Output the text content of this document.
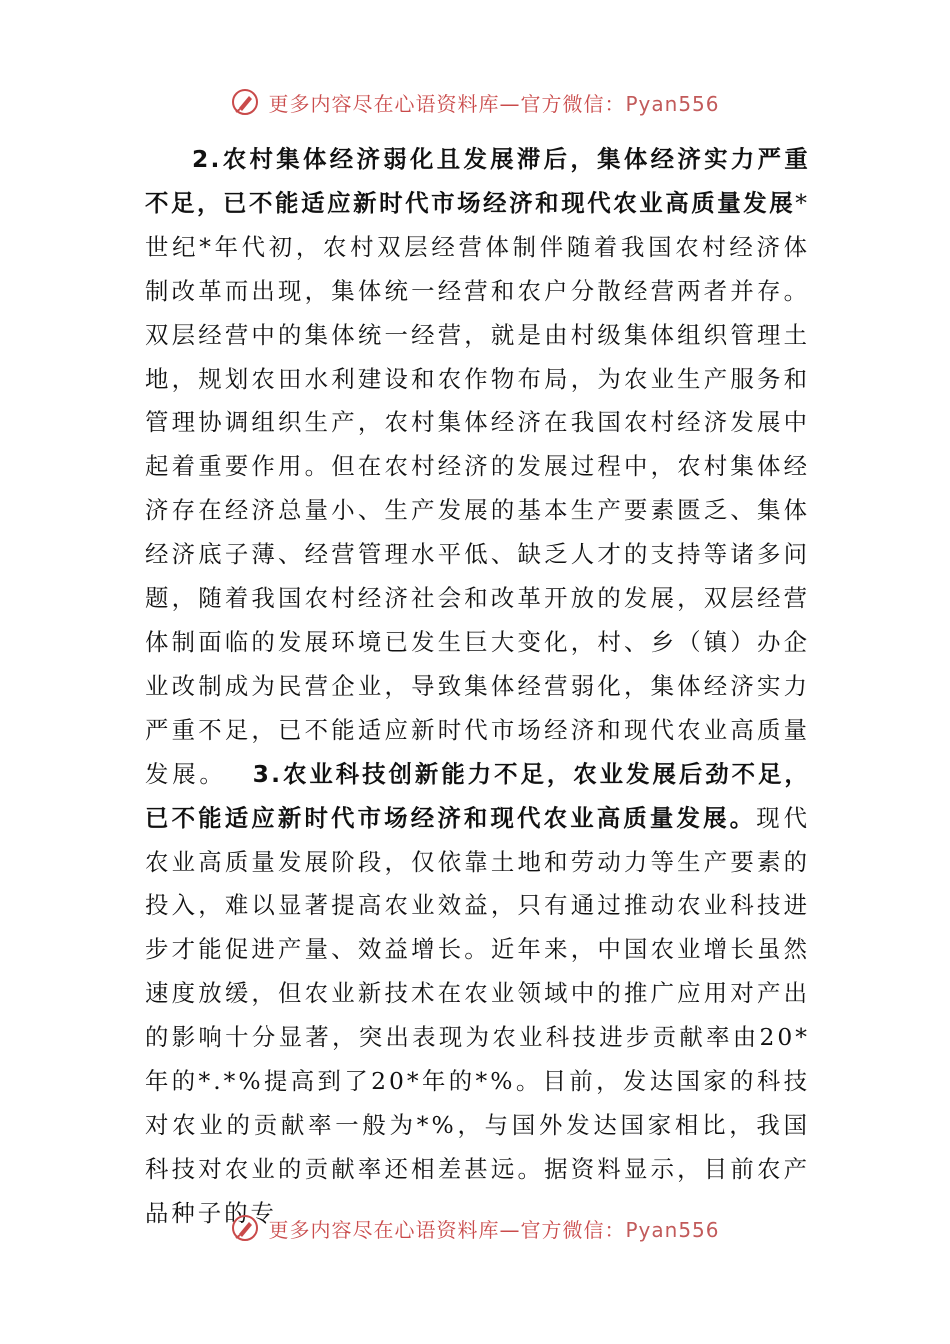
更多内容尽在心语资料库—官方微信：Pyan556

2.农村集体经济弱化且发展滞后，集体经济实力严重不足，已不能适应新时代市场经济和现代农业高质量发展*世纪*年代初，农村双层经营体制伴随着我国农村经济体制改革而出现，集体统一经营和农户分散经营两者并存。双层经营中的集体统一经营，就是由村级集体组织管理土地，规划农田水利建设和农作物布局，为农业生产服务和管理协调组织生产，农村集体经济在我国农村经济发展中起着重要作用。但在农村经济的发展过程中，农村集体经济存在经济总量小、生产发展的基本生产要素匮乏、集体经济底子薄、经营管理水平低、缺乏人才的支持等诸多问题，随着我国农村经济社会和改革开放的发展，双层经营体制面临的发展环境已发生巨大变化，村、乡（镇）办企业改制成为民营企业，导致集体经营弱化，集体经济实力严重不足，已不能适应新时代市场经济和现代农业高质量发展。 3.农业科技创新能力不足，农业发展后劲不足，已不能适应新时代市场经济和现代农业高质量发展。现代农业高质量发展阶段，仅依靠土地和劳动力等生产要素的投入，难以显著提高农业效益，只有通过推动农业科技进步才能促进产量、效益增长。近年来，中国农业增长虽然速度放缓，但农业新技术在农业领域中的推广应用对产出的影响十分显著，突出表现为农业科技进步贡献率由20*年的*.*%提高到了20*年的*%。目前，发达国家的科技对农业的贡献率一般为*%，与国外发达国家相比，我国科技对农业的贡献率还相差甚远。据资料显示，目前农产品种子的专

更多内容尽在心语资料库—官方微信：Pyan556
